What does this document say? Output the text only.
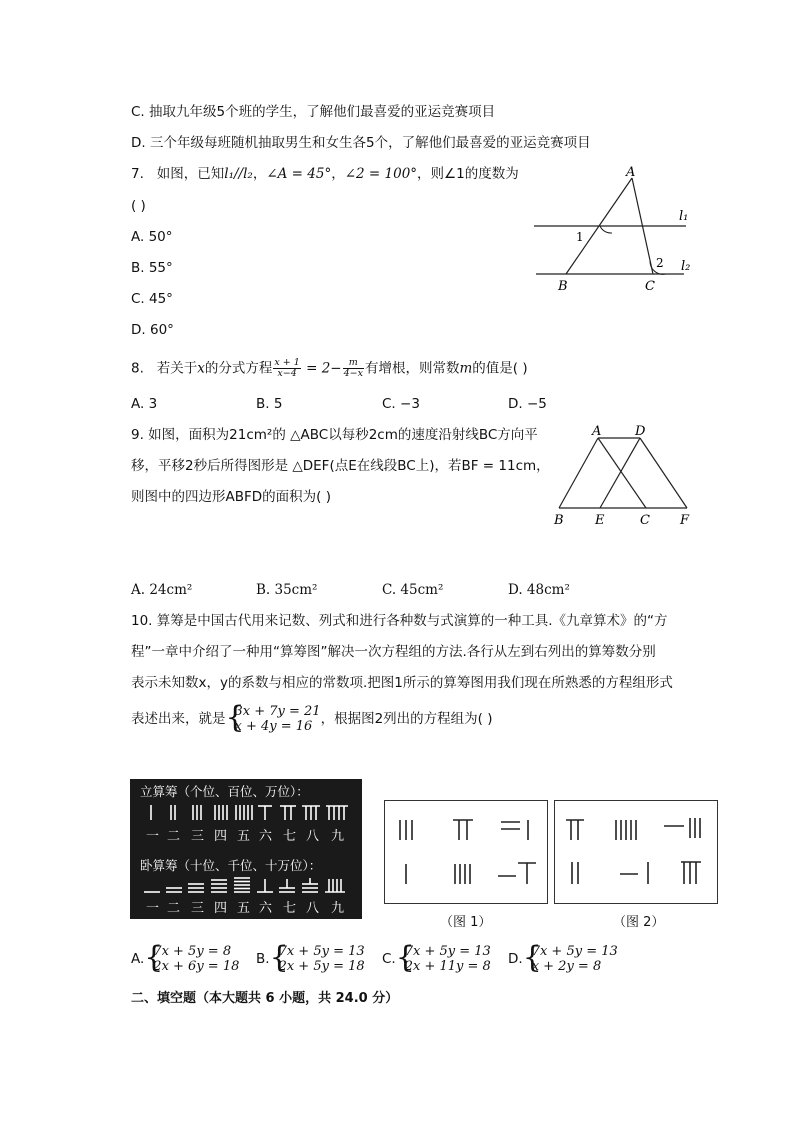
C. 抽取九年级5个班的学生，了解他们最喜爱的亚运竞赛项目
D. 三个年级每班随机抽取男生和女生各5个，了解他们最喜爱的亚运竞赛项目
7. 如图，已知l₁//l₂，∠A = 45°，∠2 = 100°，则∠1的度数为
( )
A. 50°
B. 55°
C. 45°
D. 60°
A
B	C
l₁
l₂
1
2
8. 若关于x的分式方程 $\frac{x + 1}{x-4} = 2- \frac{m}{4-x}$ 有增根，则常数m的值是( )
A. 3	B. 5	C. −3	D. −5
9. 如图，面积为21cm²的 △ABC以每秒2cm的速度沿射线BC方向平
移，平移2秒后所得图形是 △DEF(点E在线段BC上)，若BF = 11cm，
则图中的四边形ABFD的面积为( )
A	D
B E	C F
A. 24cm²	B. 35cm²	C. 45cm²	D. 48cm²
10. 算筹是中国古代用来记数、列式和进行各种数与式演算的一种工具.《九章算术》的“方
程”一章中介绍了一种用“算筹图”解决一次方程组的方法.各行从左到右列出的算筹数分别
表示未知数x，y的系数与相应的常数项.把图1所示的算筹图用我们现在所熟悉的方程组形式
表述出来，就是 {
3x + 7y = 21
x + 4y = 16 ，根据图2列出的方程组为( )
立算筹（个位、百位、万位）：
一 二 三 四 五 六 七 八 九
卧算筹（十位、千位、十万位）：
一 二 三 四 五 六 七 八 九
（图 1）	（图 2）
A. {
7x + 5y = 8
2x + 6y = 18 B. {
7x + 5y = 13
2x + 5y = 18 C. {
7x + 5y = 13
2x + 11y = 8 D. {
7x + 5y = 13
x + 2y = 8
二、填空题（本大题共 6 小题，共 24.0 分）
